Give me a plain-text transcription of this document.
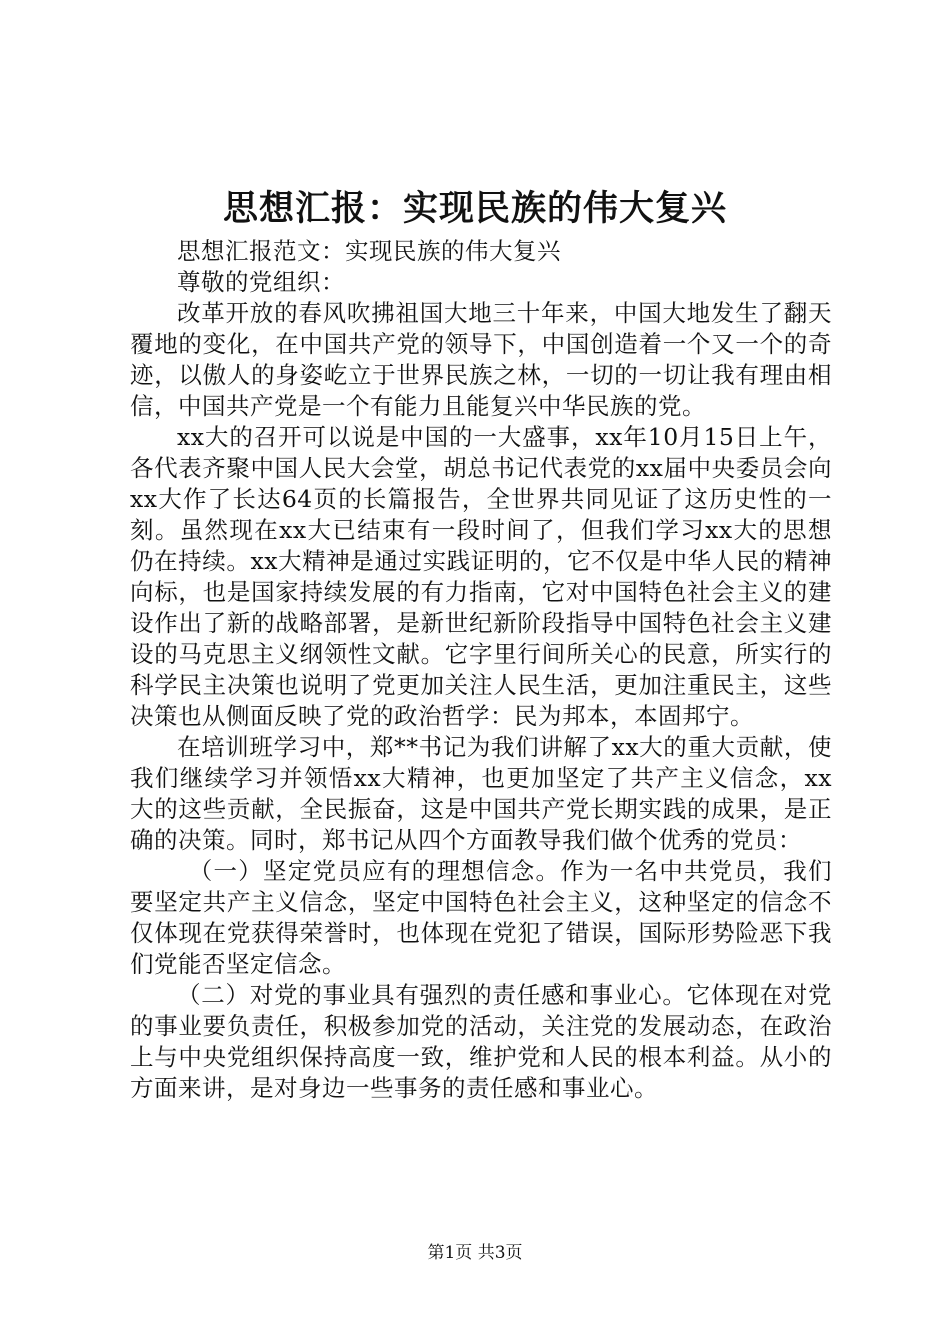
思想汇报：实现民族的伟大复兴

思想汇报范文：实现民族的伟大复兴

尊敬的党组织：

改革开放的春风吹拂祖国大地三十年来，中国大地发生了翻天覆地的变化，在中国共产党的领导下，中国创造着一个又一个的奇迹，以傲人的身姿屹立于世界民族之林，一切的一切让我有理由相信，中国共产党是一个有能力且能复兴中华民族的党。

xx大的召开可以说是中国的一大盛事，xx年10月15日上午，各代表齐聚中国人民大会堂，胡总书记代表党的xx届中央委员会向xx大作了长达64页的长篇报告，全世界共同见证了这历史性的一刻。虽然现在xx大已结束有一段时间了，但我们学习xx大的思想仍在持续。xx大精神是通过实践证明的，它不仅是中华人民的精神向标，也是国家持续发展的有力指南，它对中国特色社会主义的建设作出了新的战略部署，是新世纪新阶段指导中国特色社会主义建设的马克思主义纲领性文献。它字里行间所关心的民意，所实行的科学民主决策也说明了党更加关注人民生活，更加注重民主，这些决策也从侧面反映了党的政治哲学：民为邦本，本固邦宁。

在培训班学习中，郑**书记为我们讲解了xx大的重大贡献，使我们继续学习并领悟xx大精神，也更加坚定了共产主义信念，xx大的这些贡献，全民振奋，这是中国共产党长期实践的成果，是正确的决策。同时，郑书记从四个方面教导我们做个优秀的党员：

（一）坚定党员应有的理想信念。作为一名中共党员，我们要坚定共产主义信念，坚定中国特色社会主义，这种坚定的信念不仅体现在党获得荣誉时，也体现在党犯了错误，国际形势险恶下我们党能否坚定信念。

（二）对党的事业具有强烈的责任感和事业心。它体现在对党的事业要负责任，积极参加党的活动，关注党的发展动态，在政治上与中央党组织保持高度一致，维护党和人民的根本利益。从小的方面来讲，是对身边一些事务的责任感和事业心。

第1页 共3页
